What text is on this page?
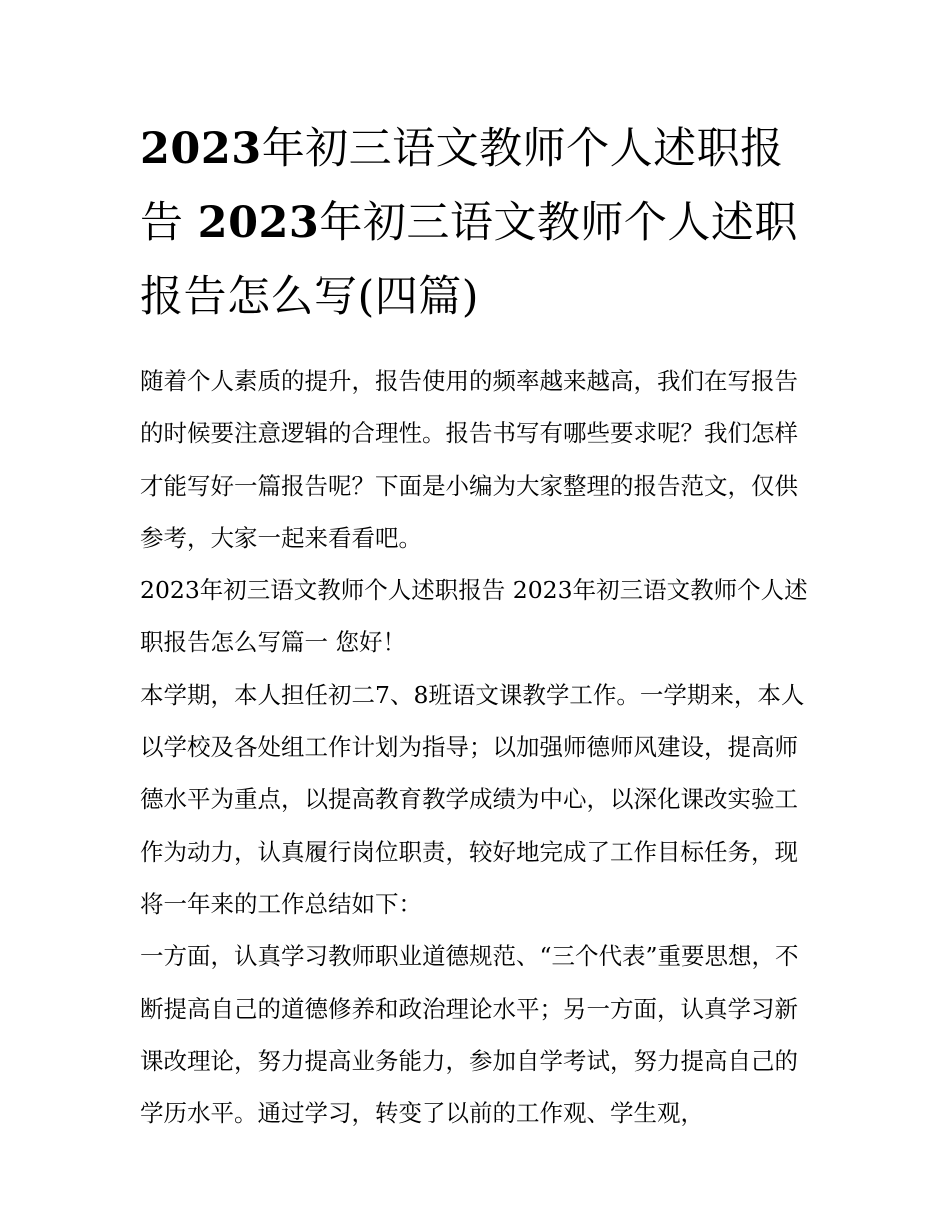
2023年初三语文教师个人述职报告 2023年初三语文教师个人述职报告怎么写(四篇)

随着个人素质的提升，报告使用的频率越来越高，我们在写报告的时候要注意逻辑的合理性。报告书写有哪些要求呢？我们怎样才能写好一篇报告呢？下面是小编为大家整理的报告范文，仅供参考，大家一起来看看吧。

2023年初三语文教师个人述职报告 2023年初三语文教师个人述职报告怎么写篇一 您好！

本学期，本人担任初二7、8班语文课教学工作。一学期来，本人以学校及各处组工作计划为指导；以加强师德师风建设，提高师德水平为重点，以提高教育教学成绩为中心，以深化课改实验工作为动力，认真履行岗位职责，较好地完成了工作目标任务，现将一年来的工作总结如下：

一方面，认真学习教师职业道德规范、“三个代表”重要思想，不断提高自己的道德修养和政治理论水平；另一方面，认真学习新课改理论，努力提高业务能力，参加自学考试，努力提高自己的学历水平。通过学习，转变了以前的工作观、学生观，
